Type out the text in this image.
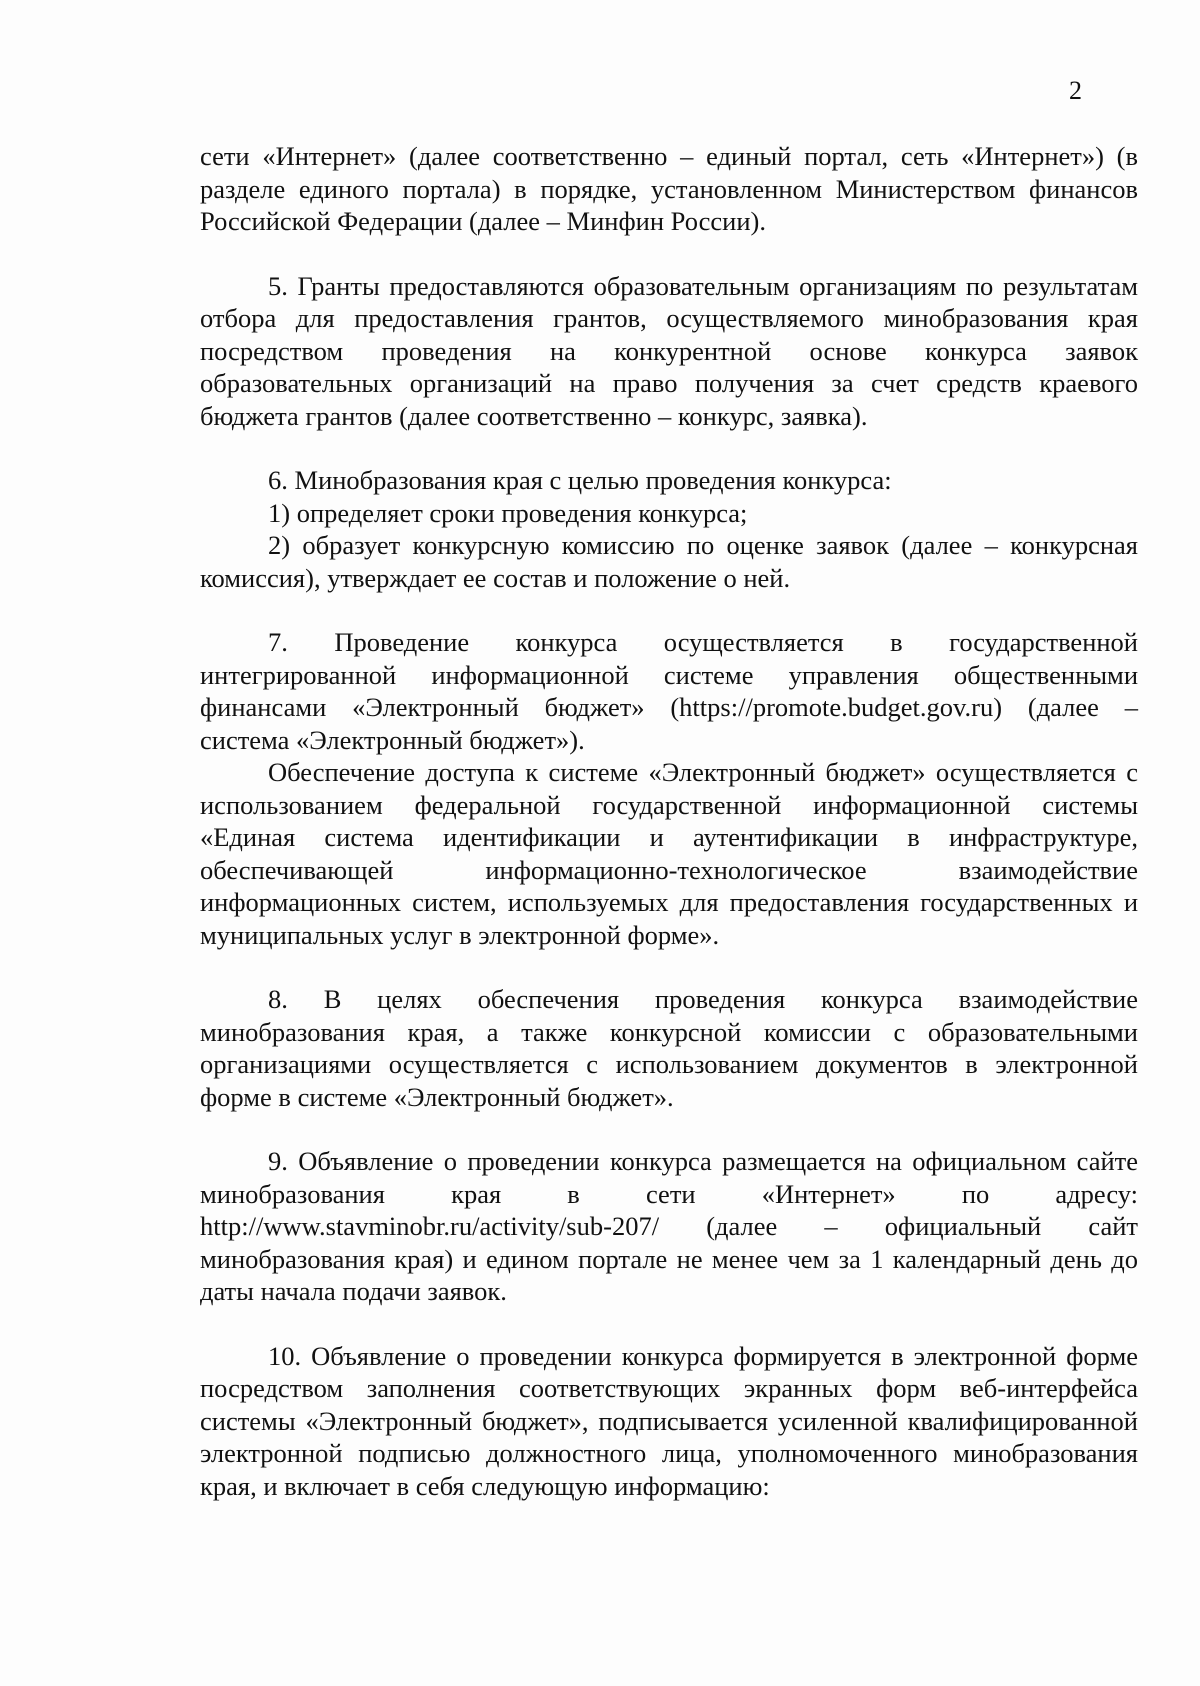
2

сети «Интернет» (далее соответственно – единый портал, сеть «Интернет») (в разделе единого портала) в порядке, установленном Министерством финансов Российской Федерации (далее – Минфин России).

5. Гранты предоставляются образовательным организациям по результатам отбора для предоставления грантов, осуществляемого минобразования края посредством проведения на конкурентной основе конкурса заявок образовательных организаций на право получения за счет средств краевого бюджета грантов (далее соответственно – конкурс, заявка).

6. Минобразования края с целью проведения конкурса:

1) определяет сроки проведения конкурса;

2) образует конкурсную комиссию по оценке заявок (далее – конкурсная комиссия), утверждает ее состав и положение о ней.

7. Проведение конкурса осуществляется в государственной интегрированной информационной системе управления общественными финансами «Электронный бюджет» (https://promote.budget.gov.ru) (далее – система «Электронный бюджет»).

Обеспечение доступа к системе «Электронный бюджет» осуществляется с использованием федеральной государственной информационной системы «Единая система идентификации и аутентификации в инфраструктуре, обеспечивающей информационно-технологическое взаимодействие информационных систем, используемых для предоставления государственных и муниципальных услуг в электронной форме».

8. В целях обеспечения проведения конкурса взаимодействие минобразования края, а также конкурсной комиссии с образовательными организациями осуществляется с использованием документов в электронной форме в системе «Электронный бюджет».

9. Объявление о проведении конкурса размещается на официальном сайте минобразования края в сети «Интернет» по адресу: http://www.stavminobr.ru/activity/sub-207/ (далее – официальный сайт минобразования края) и едином портале не менее чем за 1 календарный день до даты начала подачи заявок.

10. Объявление о проведении конкурса формируется в электронной форме посредством заполнения соответствующих экранных форм веб-интерфейса системы «Электронный бюджет», подписывается усиленной квалифицированной электронной подписью должностного лица, уполномоченного минобразования края, и включает в себя следующую информацию:
